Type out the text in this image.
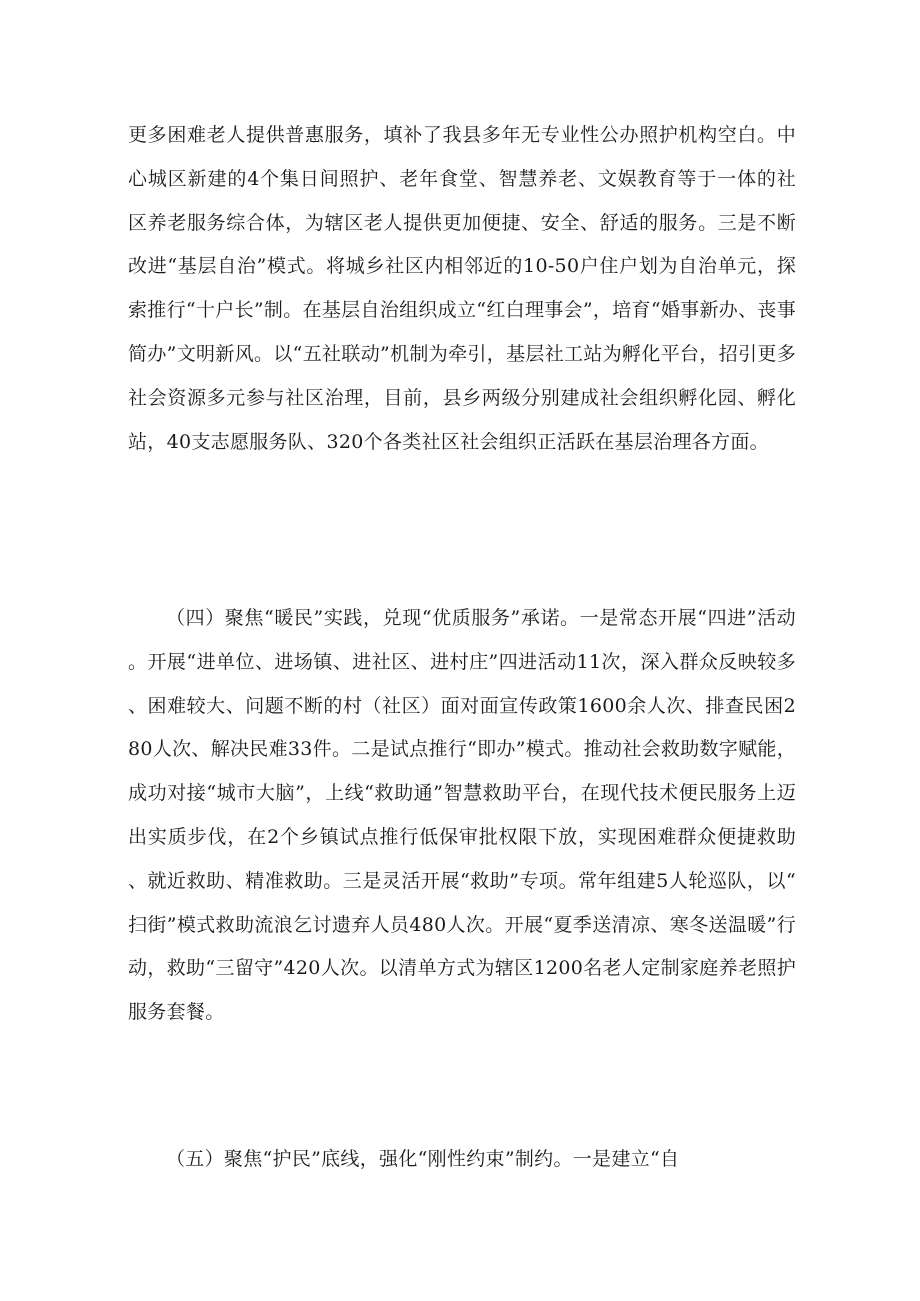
更多困难老人提供普惠服务，填补了我县多年无专业性公办照护机构空白。中心城区新建的4个集日间照护、老年食堂、智慧养老、文娱教育等于一体的社区养老服务综合体，为辖区老人提供更加便捷、安全、舒适的服务。三是不断改进“基层自治”模式。将城乡社区内相邻近的10-50户住户划为自治单元，探索推行“十户长”制。在基层自治组织成立“红白理事会”，培育“婚事新办、丧事简办”文明新风。以“五社联动”机制为牵引，基层社工站为孵化平台，招引更多社会资源多元参与社区治理，目前，县乡两级分别建成社会组织孵化园、孵化站，40支志愿服务队、320个各类社区社会组织正活跃在基层治理各方面。

（四）聚焦“暖民”实践，兑现“优质服务”承诺。一是常态开展“四进”活动。开展“进单位、进场镇、进社区、进村庄”四进活动11次，深入群众反映较多、困难较大、问题不断的村（社区）面对面宣传政策1600余人次、排查民困280人次、解决民难33件。二是试点推行“即办”模式。推动社会救助数字赋能，成功对接“城市大脑”，上线“救助通”智慧救助平台，在现代技术便民服务上迈出实质步伐，在2个乡镇试点推行低保审批权限下放，实现困难群众便捷救助、就近救助、精准救助。三是灵活开展“救助”专项。常年组建5人轮巡队，以“扫街”模式救助流浪乞讨遗弃人员480人次。开展“夏季送清凉、寒冬送温暖”行动，救助“三留守”420人次。以清单方式为辖区1200名老人定制家庭养老照护服务套餐。

（五）聚焦“护民”底线，强化“刚性约束”制约。一是建立“自
